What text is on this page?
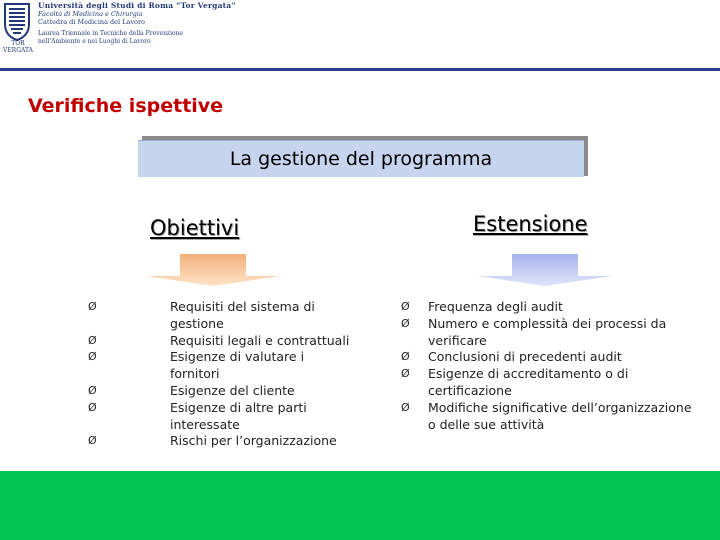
TOR VERGATA
Università degli Studi di Roma “Tor Vergata”
Facoltà di Medicina e Chirurgia
Cattedra di Medicina del Lavoro
Laurea Triennale in Tecniche della Prevenzione
nell’Ambiente e nei Luoghi di Lavoro
Verifiche ispettive
La gestione del programma
Obiettivi	Estensione
Ø	Requisiti del sistema di
gestione
Ø	Requisiti legali e contrattuali
Ø	Esigenze di valutare i
fornitori
Ø	Esigenze del cliente
Ø	Esigenze di altre parti
interessate
Ø	Rischi per l’organizzazione
Ø Frequenza degli audit
Ø Numero e complessità dei processi da
verificare
Ø Conclusioni di precedenti audit
Ø Esigenze di accreditamento o di
certificazione
Ø Modifiche significative dell’organizzazione
o delle sue attività
